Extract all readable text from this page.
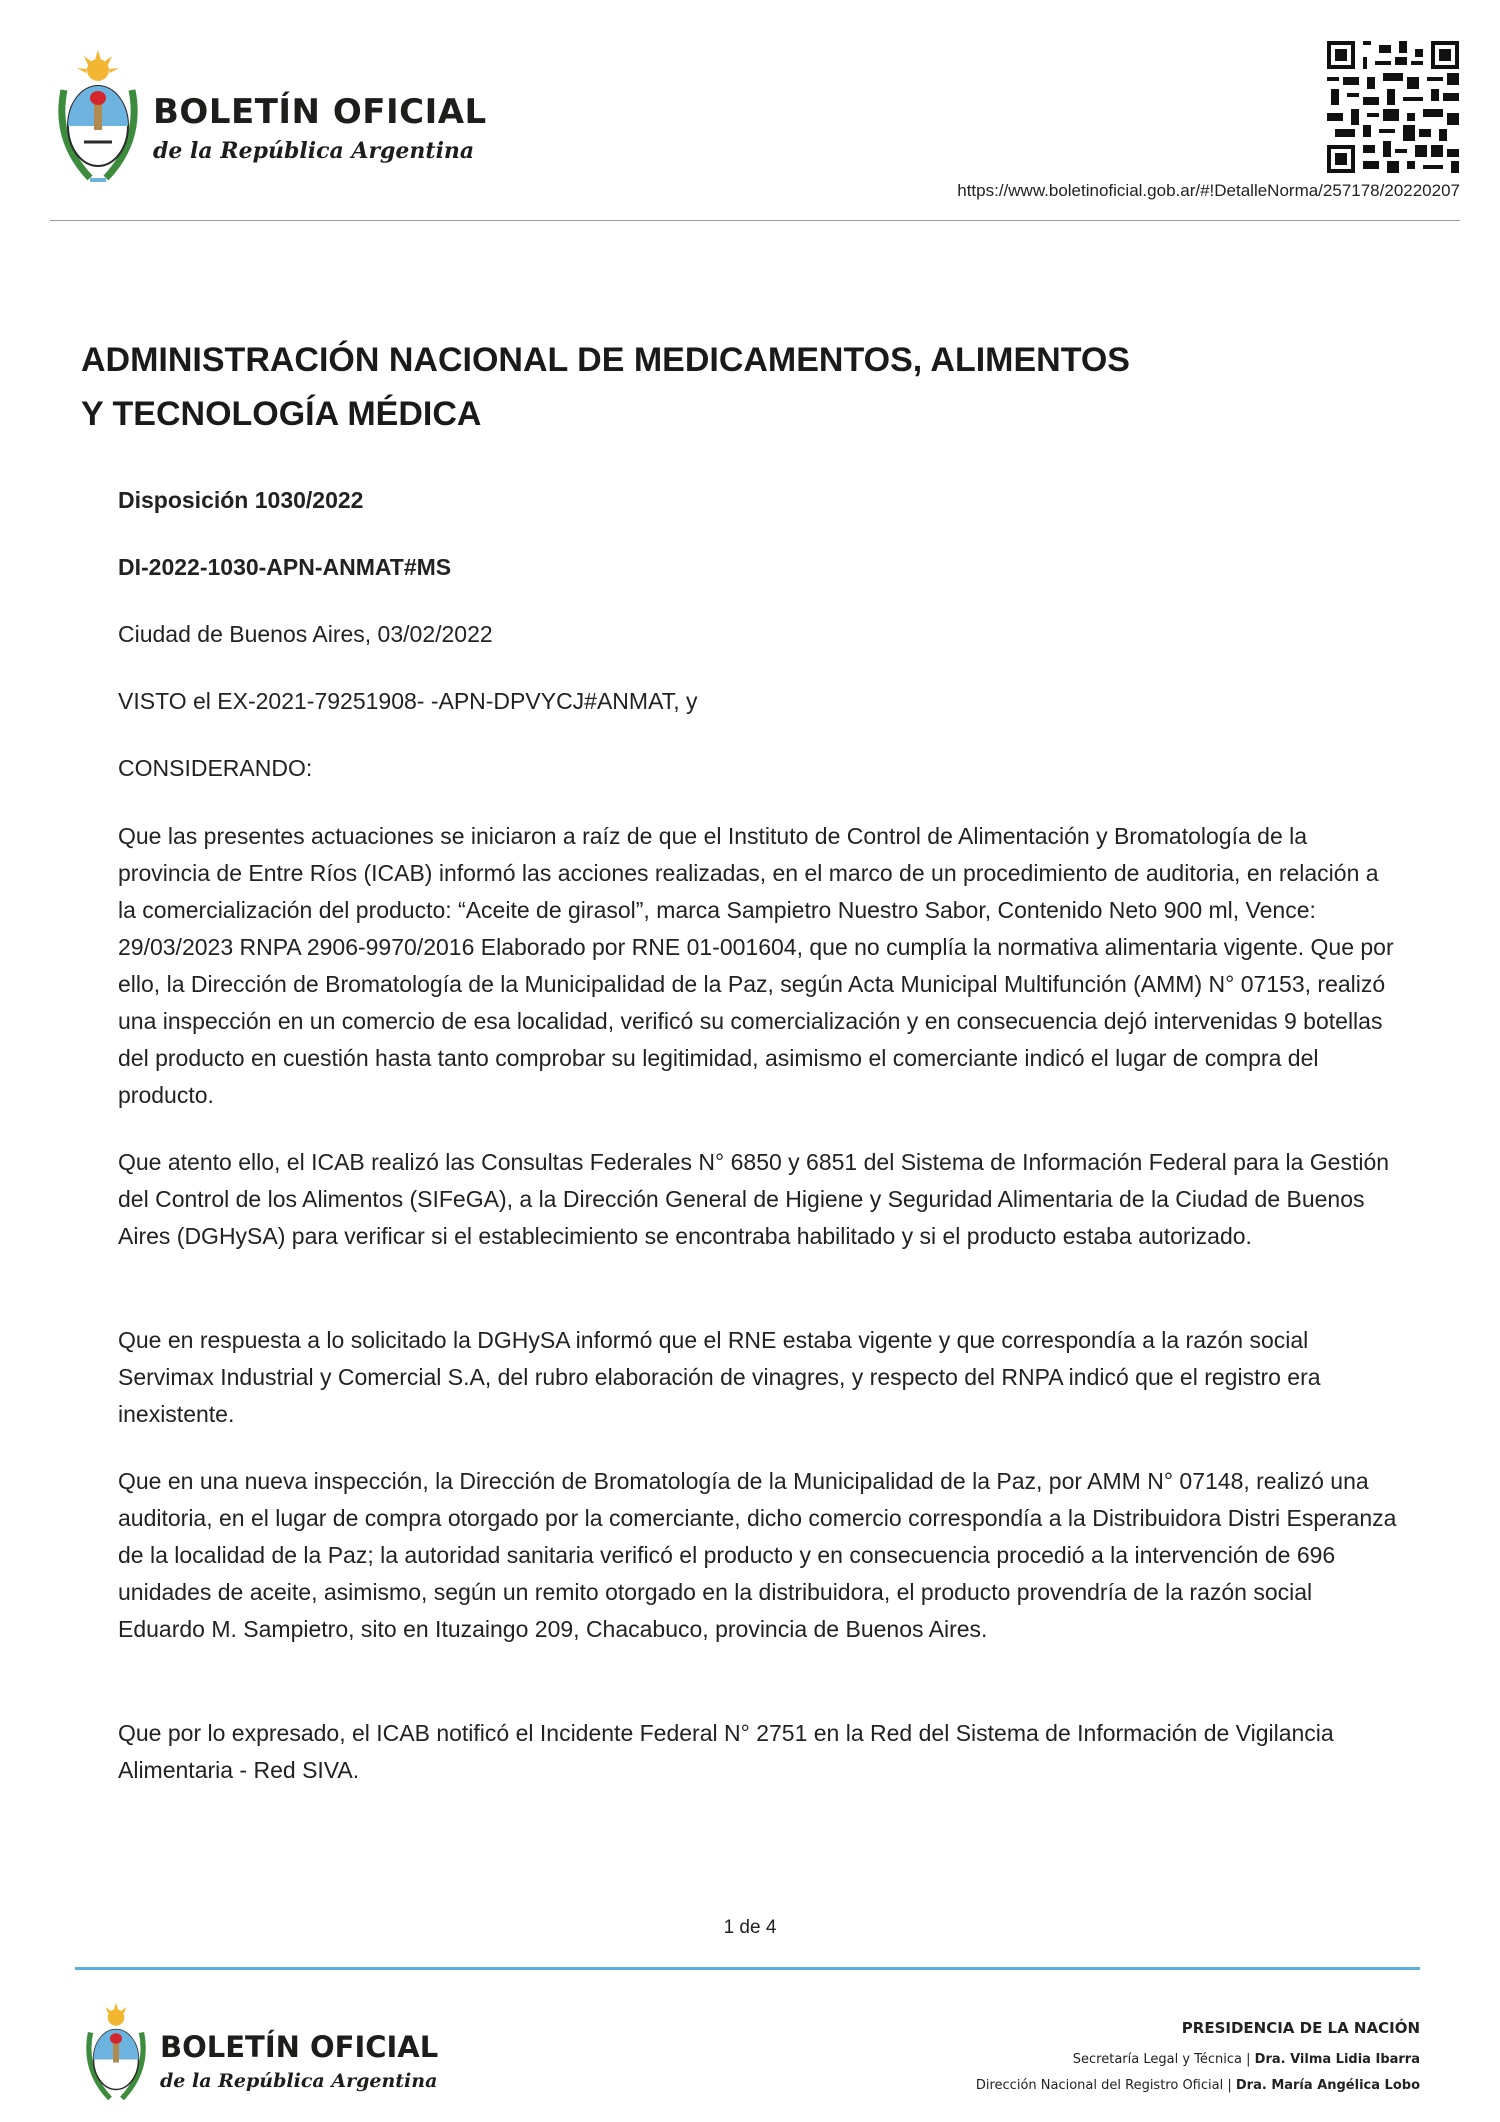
BOLETÍN OFICIAL
de la República Argentina
https://www.boletinoficial.gob.ar/#!DetalleNorma/257178/20220207
ADMINISTRACIÓN NACIONAL DE MEDICAMENTOS, ALIMENTOS
Y TECNOLOGÍA MÉDICA

Disposición 1030/2022

DI-2022-1030-APN-ANMAT#MS

Ciudad de Buenos Aires, 03/02/2022

VISTO el EX-2021-79251908- -APN-DPVYCJ#ANMAT, y

CONSIDERANDO:

Que las presentes actuaciones se iniciaron a raíz de que el Instituto de Control de Alimentación y Bromatología de la provincia de Entre Ríos (ICAB) informó las acciones realizadas, en el marco de un procedimiento de auditoria, en relación a la comercialización del producto: “Aceite de girasol”, marca Sampietro Nuestro Sabor, Contenido Neto 900 ml, Vence: 29/03/2023 RNPA 2906-9970/2016 Elaborado por RNE 01-001604, que no cumplía la normativa alimentaria vigente. Que por ello, la Dirección de Bromatología de la Municipalidad de la Paz, según Acta Municipal Multifunción (AMM) N° 07153, realizó una inspección en un comercio de esa localidad, verificó su comercialización y en consecuencia dejó intervenidas 9 botellas del producto en cuestión hasta tanto comprobar su legitimidad, asimismo el comerciante indicó el lugar de compra del producto.

Que atento ello, el ICAB realizó las Consultas Federales N° 6850 y 6851 del Sistema de Información Federal para la Gestión del Control de los Alimentos (SIFeGA), a la Dirección General de Higiene y Seguridad Alimentaria de la Ciudad de Buenos Aires (DGHySA) para verificar si el establecimiento se encontraba habilitado y si el producto estaba autorizado.

Que en respuesta a lo solicitado la DGHySA informó que el RNE estaba vigente y que correspondía a la razón social Servimax Industrial y Comercial S.A, del rubro elaboración de vinagres, y respecto del RNPA indicó que el registro era inexistente.

Que en una nueva inspección, la Dirección de Bromatología de la Municipalidad de la Paz, por AMM N° 07148, realizó una auditoria, en el lugar de compra otorgado por la comerciante, dicho comercio correspondía a la Distribuidora Distri Esperanza de la localidad de la Paz; la autoridad sanitaria verificó el producto y en consecuencia procedió a la intervención de 696 unidades de aceite, asimismo, según un remito otorgado en la distribuidora, el producto provendría de la razón social Eduardo M. Sampietro, sito en Ituzaingo 209, Chacabuco, provincia de Buenos Aires.

Que por lo expresado, el ICAB notificó el Incidente Federal N° 2751 en la Red del Sistema de Información de Vigilancia Alimentaria - Red SIVA.

1 de 4
BOLETÍN OFICIAL
de la República Argentina
PRESIDENCIA DE LA NACIÓN
Secretaría Legal y Técnica | Dra. Vilma Lidia Ibarra
Dirección Nacional del Registro Oficial | Dra. María Angélica Lobo
